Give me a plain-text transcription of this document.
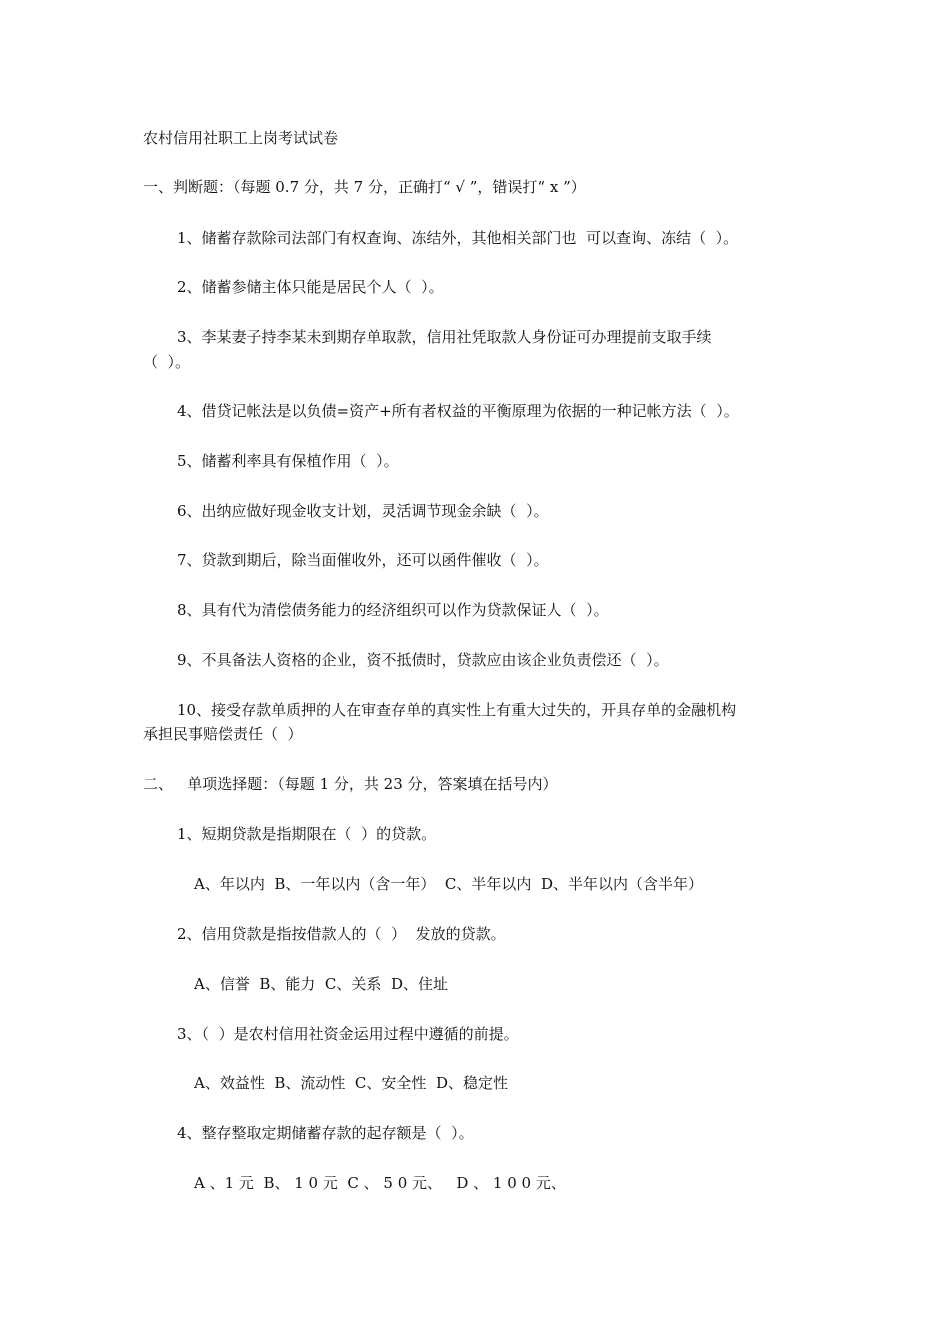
农村信用社职工上岗考试试卷
一、判断题：（每题 0.7 分，共 7 分，正确打“ √ ”，错误打“ x ”）
1、储蓄存款除司法部门有权查询、冻结外，其他相关部门也  可以查询、冻结（  ）。
2、储蓄参储主体只能是居民个人（  ）。
3、李某妻子持李某未到期存单取款，信用社凭取款人身份证可办理提前支取手续
（  ）。
4、借贷记帐法是以负债=资产+所有者权益的平衡原理为依据的一种记帐方法（  ）。
5、储蓄利率具有保植作用（  ）。
6、出纳应做好现金收支计划，灵活调节现金余缺（  ）。
7、贷款到期后，除当面催收外，还可以函件催收（  ）。
8、具有代为清偿债务能力的经济组织可以作为贷款保证人（  ）。
9、不具备法人资格的企业，资不抵债时，贷款应由该企业负责偿还（  ）。
10、接受存款单质押的人在审查存单的真实性上有重大过失的，开具存单的金融机构
承担民事赔偿责任（  ）
二、   单项选择题：（每题 1 分，共 23 分，答案填在括号内）
1、短期贷款是指期限在（  ）的贷款。
A、年以内  B、一年以内（含一年）  C、半年以内  D、半年以内（含半年）
2、信用贷款是指按借款人的（  ）  发放的贷款。
A、信誉  B、能力  C、关系  D、住址
3、（  ）是农村信用社资金运用过程中遵循的前提。
A、效益性  B、流动性  C、安全性  D、稳定性
4、整存整取定期储蓄存款的起存额是（  ）。
A 、1 元  B、 1 0 元  C 、 5 0 元、   D 、 1 0 0 元、
